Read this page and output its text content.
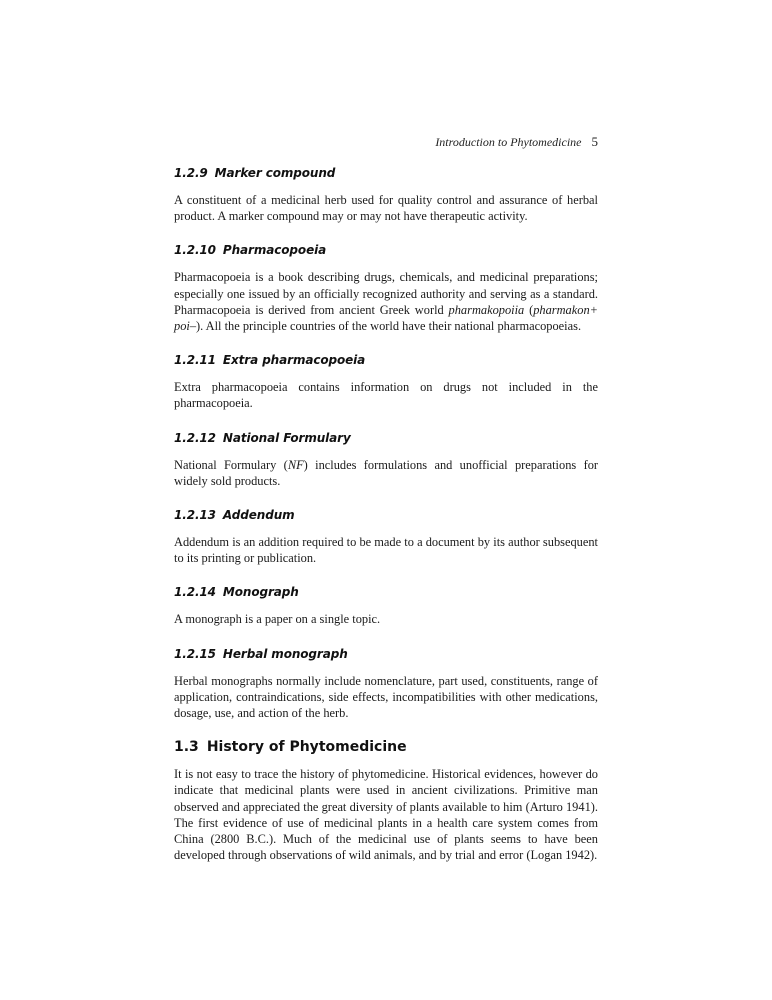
Introduction to Phytomedicine 5
1.2.9 Marker compound

A constituent of a medicinal herb used for quality control and assurance of herbal product. A marker compound may or may not have therapeutic activity.

1.2.10 Pharmacopoeia

Pharmacopoeia is a book describing drugs, chemicals, and medicinal preparations; especially one issued by an officially recognized authority and serving as a standard. Pharmacopoeia is derived from ancient Greek world pharmakopoiia (pharmakon+ poi–). All the principle countries of the world have their national pharmacopoeias.

1.2.11 Extra pharmacopoeia

Extra pharmacopoeia contains information on drugs not included in the pharmacopoeia.

1.2.12 National Formulary

National Formulary (NF) includes formulations and unofficial preparations for widely sold products.

1.2.13 Addendum

Addendum is an addition required to be made to a document by its author subsequent to its printing or publication.

1.2.14 Monograph

A monograph is a paper on a single topic.

1.2.15 Herbal monograph

Herbal monographs normally include nomenclature, part used, constituents, range of application, contraindications, side effects, incompatibilities with other medications, dosage, use, and action of the herb.

1.3 History of Phytomedicine

It is not easy to trace the history of phytomedicine. Historical evidences, however do indicate that medicinal plants were used in ancient civilizations. Primitive man observed and appreciated the great diversity of plants available to him (Arturo 1941). The first evidence of use of medicinal plants in a health care system comes from China (2800 B.C.). Much of the medicinal use of plants seems to have been developed through observations of wild animals, and by trial and error (Logan 1942).
